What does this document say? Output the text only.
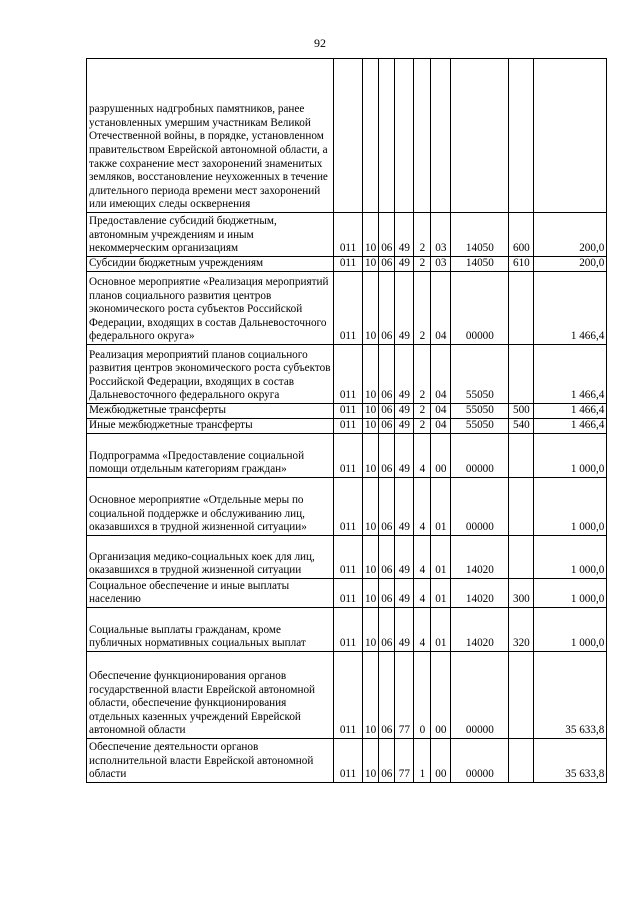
92
разрушенных надгробных памятников, ранее установленных умершим участникам Великой Отечественной войны, в порядке, установленном правительством Еврейской автономной области, а также сохранение мест захоронений знаменитых земляков, восстановление неухоженных в течение длительного периода времени мест захоронений или имеющих следы осквернения									
Предоставление субсидий бюджетным, автономным учреждениям и иным некоммерческим организациям	011	10	06	49	2	03	14050	600	200,0
Субсидии бюджетным учреждениям	011	10	06	49	2	03	14050	610	200,0
Основное мероприятие «Реализация мероприятий планов социального развития центров экономического роста субъектов Российской Федерации, входящих в состав Дальневосточного федерального округа»	011	10	06	49	2	04	00000		1 466,4
Реализация мероприятий планов социального развития центров экономического роста субъектов Российской Федерации, входящих в состав Дальневосточного федерального округа	011	10	06	49	2	04	55050		1 466,4
Межбюджетные трансферты	011	10	06	49	2	04	55050	500	1 466,4
Иные межбюджетные трансферты	011	10	06	49	2	04	55050	540	1 466,4
Подпрограмма «Предоставление социальной помощи отдельным категориям граждан»	011	10	06	49	4	00	00000		1 000,0
Основное мероприятие «Отдельные меры по социальной поддержке и обслуживанию лиц, оказавшихся в трудной жизненной ситуации»	011	10	06	49	4	01	00000		1 000,0
Организация медико-социальных коек для лиц, оказавшихся в трудной жизненной ситуации	011	10	06	49	4	01	14020		1 000,0
Социальное обеспечение и иные выплаты населению	011	10	06	49	4	01	14020	300	1 000,0
Социальные выплаты гражданам, кроме публичных нормативных социальных выплат	011	10	06	49	4	01	14020	320	1 000,0
Обеспечение функционирования органов государственной власти Еврейской автономной области, обеспечение функционирования отдельных казенных учреждений Еврейской автономной области	011	10	06	77	0	00	00000		35 633,8
Обеспечение деятельности органов исполнительной власти Еврейской автономной области	011	10	06	77	1	00	00000		35 633,8
